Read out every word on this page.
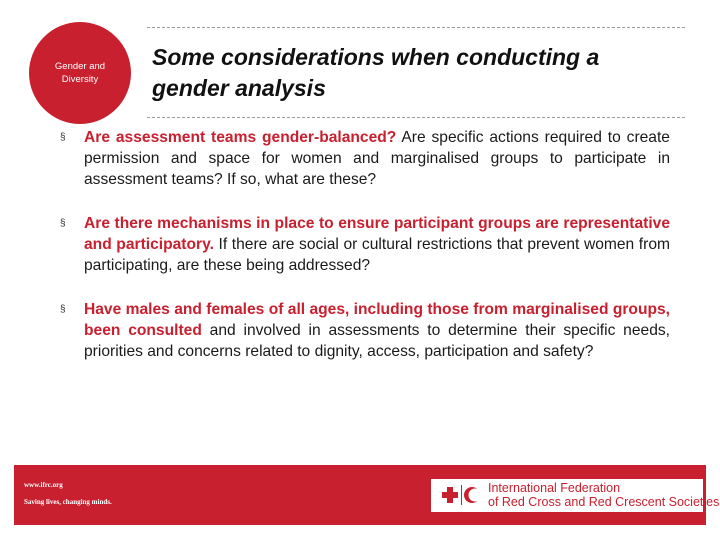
Gender and
Diversity
Some considerations when conducting a
gender analysis
§ Are assessment teams gender-balanced? Are specific actions required to create permission and space for women and marginalised groups to participate in assessment teams? If so, what are these?
§ Are there mechanisms in place to ensure participant groups are representative and participatory. If there are social or cultural restrictions that prevent women from participating, are these being addressed?
§ Have males and females of all ages, including those from marginalised groups, been consulted and involved in assessments to determine their specific needs, priorities and concerns related to dignity, access, participation and safety?
www.ifrc.org
Saving lives, changing minds.
International Federation
of Red Cross and Red Crescent Societies
